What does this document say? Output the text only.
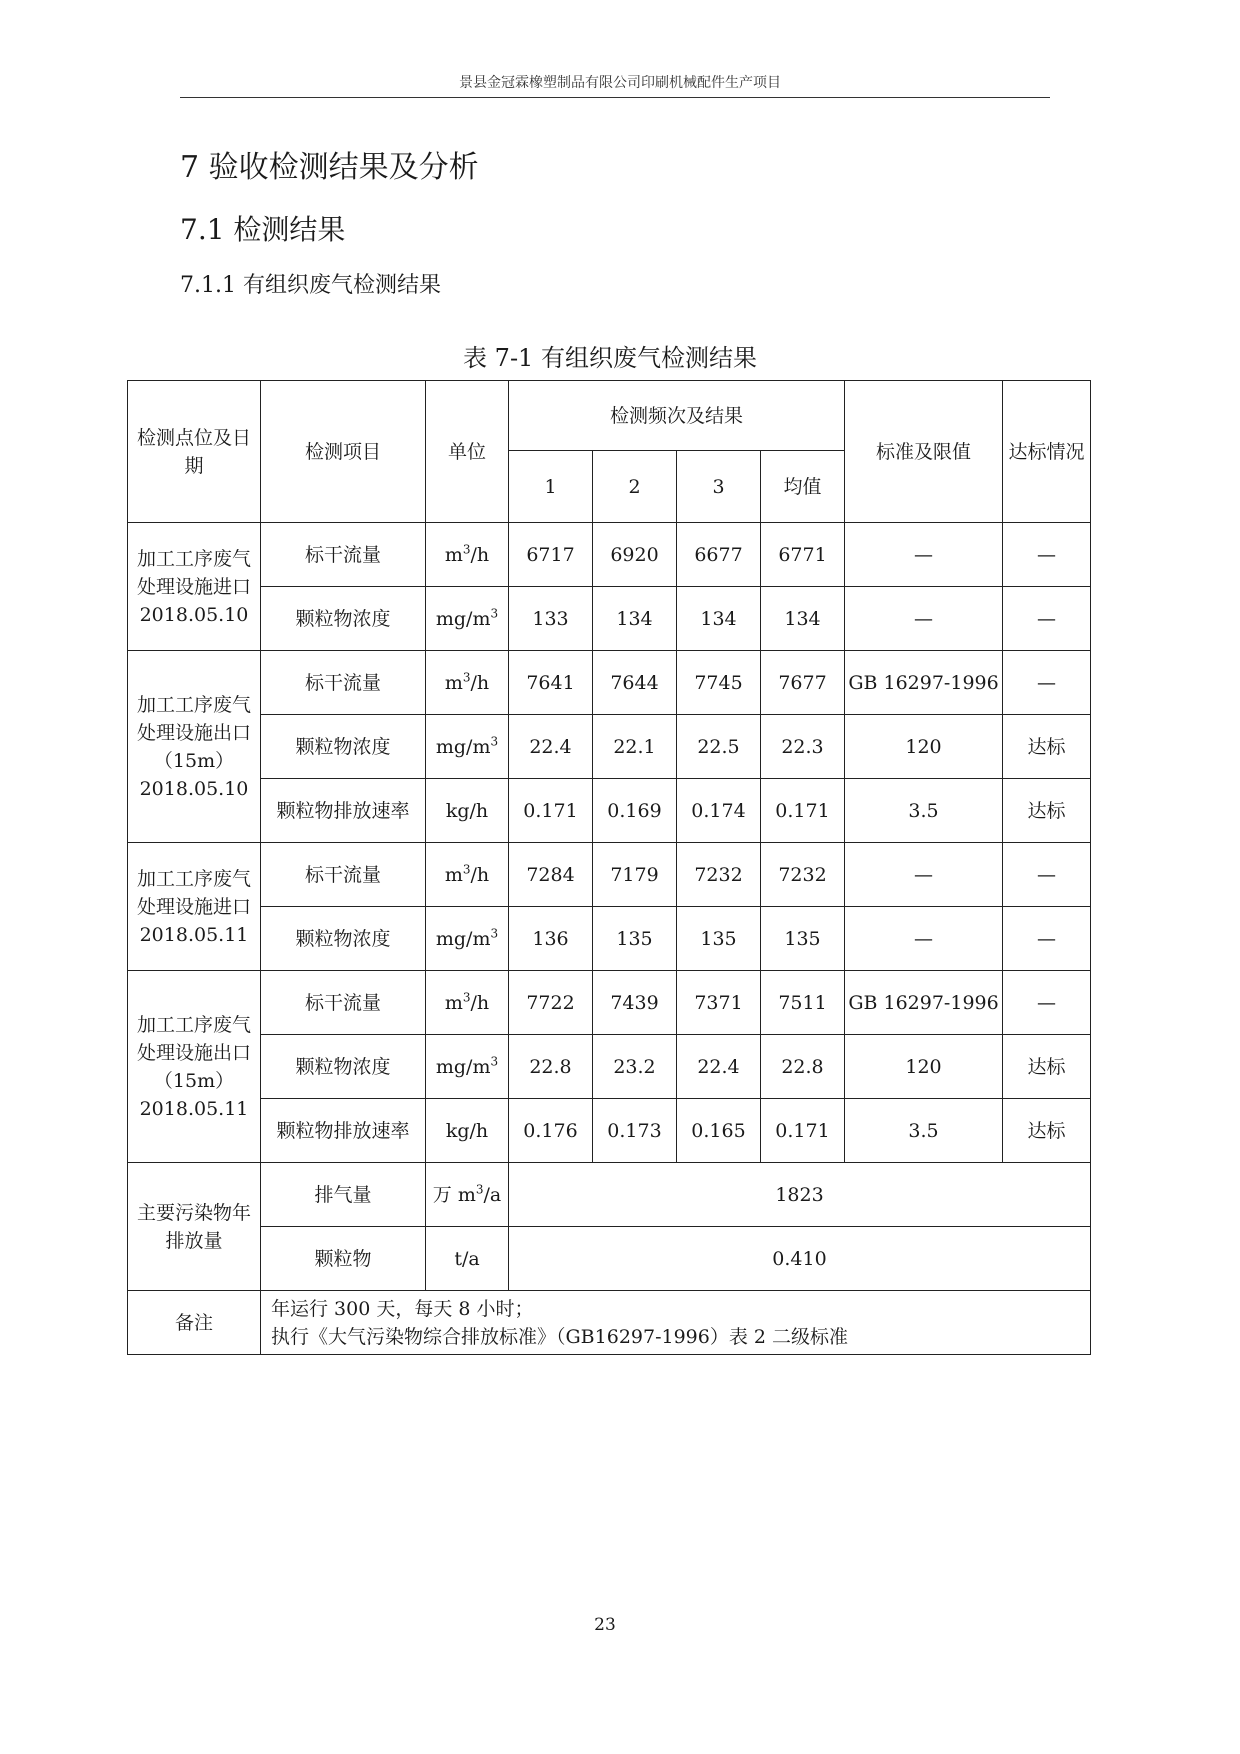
景县金冠霖橡塑制品有限公司印刷机械配件生产项目
7 验收检测结果及分析
7.1 检测结果
7.1.1 有组织废气检测结果
表 7-1 有组织废气检测结果
检测点位及日期	检测项目	单位	检测频次及结果				标准及限值	达标情况
			1	2	3	均值		
加工工序废气处理设施进口2018.05.10	标干流量	$m^3/h$	6717	6920	6677	6771	—	—
	颗粒物浓度	$mg/m^3$	133	134	134	134	—	—
加工工序废气处理设施出口（15m）2018.05.10	标干流量	$m^3/h$	7641	7644	7745	7677	GB 16297-1996	—
	颗粒物浓度	$mg/m^3$	22.4	22.1	22.5	22.3	120	达标
	颗粒物排放速率	kg/h	0.171	0.169	0.174	0.171	3.5	达标
加工工序废气处理设施进口2018.05.11	标干流量	$m^3/h$	7284	7179	7232	7232	—	—
	颗粒物浓度	$mg/m^3$	136	135	135	135	—	—
加工工序废气处理设施出口（15m）2018.05.11	标干流量	$m^3/h$	7722	7439	7371	7511	GB 16297-1996	—
	颗粒物浓度	$mg/m^3$	22.8	23.2	22.4	22.8	120	达标
	颗粒物排放速率	kg/h	0.176	0.173	0.165	0.171	3.5	达标
主要污染物年排放量	排气量	万 $m^3/a$	1823					
	颗粒物	t/a	0.410					
备注	年运行 300 天，每天 8 小时；
执行《大气污染物综合排放标准》（GB16297-1996）表 2 二级标准							
23
